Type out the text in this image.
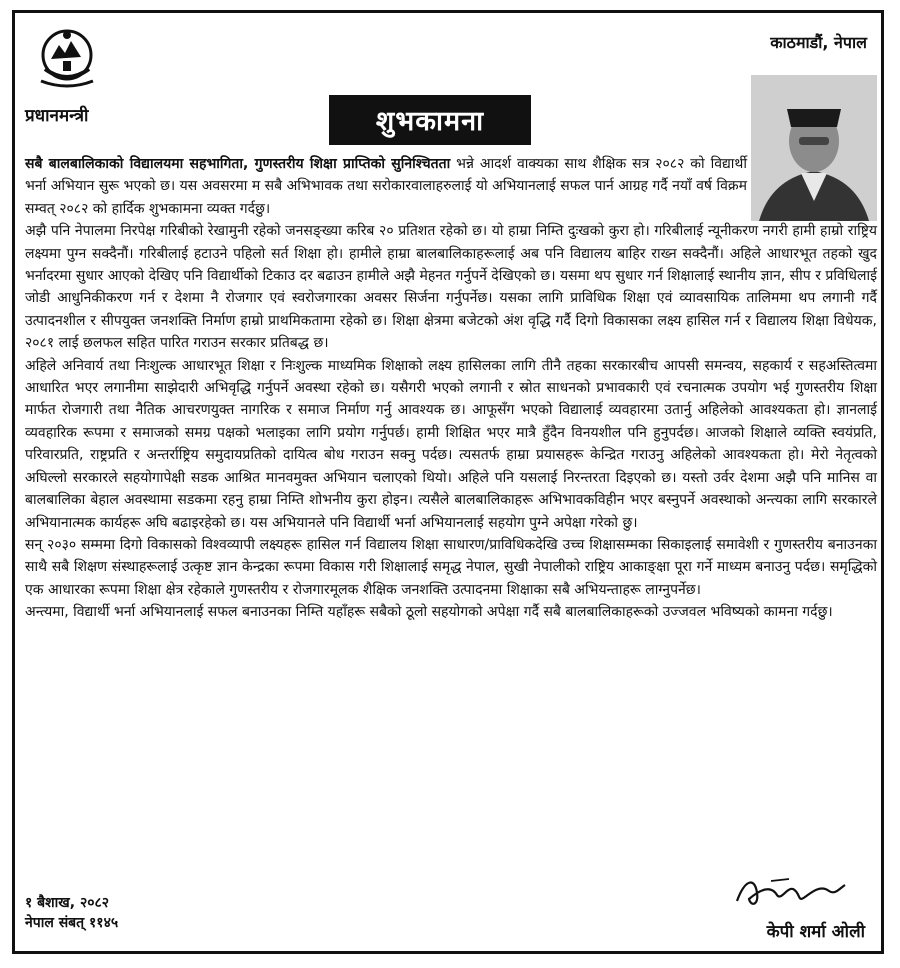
प्रधानमन्त्री
काठमाडौं, नेपाल
शुभकामना

सबै बालबालिकाको विद्यालयमा सहभागिता, गुणस्तरीय शिक्षा प्राप्तिको सुनिश्चितता भन्ने आदर्श वाक्यका साथ शैक्षिक सत्र २०८२ को विद्यार्थी भर्ना अभियान सुरू भएको छ। यस अवसरमा म सबै अभिभावक तथा सरोकारवालाहरुलाई यो अभियानलाई सफल पार्न आग्रह गर्दै नयाँ वर्ष विक्रम सम्वत् २०८२ को हार्दिक शुभकामना व्यक्त गर्दछु।

अझै पनि नेपालमा निरपेक्ष गरिबीको रेखामुनी रहेको जनसङ्ख्या करिब २० प्रतिशत रहेको छ। यो हाम्रा निम्ति दुःखको कुरा हो। गरिबीलाई न्यूनीकरण नगरी हामी हाम्रो राष्ट्रिय लक्ष्यमा पुग्न सक्दैनौं। गरिबीलाई हटाउने पहिलो सर्त शिक्षा हो। हामीले हाम्रा बालबालिकाहरूलाई अब पनि विद्यालय बाहिर राख्न सक्दैनौं। अहिले आधारभूत तहको खुद भर्नादरमा सुधार आएको देखिए पनि विद्यार्थीको टिकाउ दर बढाउन हामीले अझै मेहनत गर्नुपर्ने देखिएको छ। यसमा थप सुधार गर्न शिक्षालाई स्थानीय ज्ञान, सीप र प्रविधिलाई जोडी आधुनिकीकरण गर्न र देशमा नै रोजगार एवं स्वरोजगारका अवसर सिर्जना गर्नुपर्नेछ। यसका लागि प्राविधिक शिक्षा एवं व्यावसायिक तालिममा थप लगानी गर्दै उत्पादनशील र सीपयुक्त जनशक्ति निर्माण हाम्रो प्राथमिकतामा रहेको छ। शिक्षा क्षेत्रमा बजेटको अंश वृद्धि गर्दै दिगो विकासका लक्ष्य हासिल गर्न र विद्यालय शिक्षा विधेयक, २०८१ लाई छलफल सहित पारित गराउन सरकार प्रतिबद्ध छ।

अहिले अनिवार्य तथा निःशुल्क आधारभूत शिक्षा र निःशुल्क माध्यमिक शिक्षाको लक्ष्य हासिलका लागि तीनै तहका सरकारबीच आपसी समन्वय, सहकार्य र सहअस्तित्वमा आधारित भएर लगानीमा साझेदारी अभिवृद्धि गर्नुपर्ने अवस्था रहेको छ। यसैगरी भएको लगानी र स्रोत साधनको प्रभावकारी एवं रचनात्मक उपयोग भई गुणस्तरीय शिक्षा मार्फत रोजगारी तथा नैतिक आचरणयुक्त नागरिक र समाज निर्माण गर्नु आवश्यक छ। आफूसँग भएको विद्यालाई व्यवहारमा उतार्नु अहिलेको आवश्यकता हो। ज्ञानलाई व्यवहारिक रूपमा र समाजको समग्र पक्षको भलाइका लागि प्रयोग गर्नुपर्छ। हामी शिक्षित भएर मात्रै हुँदैन विनयशील पनि हुनुपर्दछ। आजको शिक्षाले व्यक्ति स्वयंप्रति, परिवारप्रति, राष्ट्रप्रति र अन्तर्राष्ट्रिय समुदायप्रतिको दायित्व बोध गराउन सक्नु पर्दछ। त्यसतर्फ हाम्रा प्रयासहरू केन्द्रित गराउनु अहिलेको आवश्यकता हो। मेरो नेतृत्वको अघिल्लो सरकारले सहयोगापेक्षी सडक आश्रित मानवमुक्त अभियान चलाएको थियो। अहिले पनि यसलाई निरन्तरता दिइएको छ। यस्तो उर्वर देशमा अझै पनि मानिस वा बालबालिका बेहाल अवस्थामा सडकमा रहनु हाम्रा निम्ति शोभनीय कुरा होइन। त्यसैले बालबालिकाहरू अभिभावकविहीन भएर बस्नुपर्ने अवस्थाको अन्त्यका लागि सरकारले अभियानात्मक कार्यहरू अघि बढाइरहेको छ। यस अभियानले पनि विद्यार्थी भर्ना अभियानलाई सहयोग पुग्ने अपेक्षा गरेको छु।

सन् २०३० सम्ममा दिगो विकासको विश्वव्यापी लक्ष्यहरू हासिल गर्न विद्यालय शिक्षा साधारण/प्राविधिकदेखि उच्च शिक्षासम्मका सिकाइलाई समावेशी र गुणस्तरीय बनाउनका साथै सबै शिक्षण संस्थाहरूलाई उत्कृष्ट ज्ञान केन्द्रका रूपमा विकास गरी शिक्षालाई समृद्ध नेपाल, सुखी नेपालीको राष्ट्रिय आकाङ्क्षा पूरा गर्ने माध्यम बनाउनु पर्दछ। समृद्धिको एक आधारका रूपमा शिक्षा क्षेत्र रहेकाले गुणस्तरीय र रोजगारमूलक शैक्षिक जनशक्ति उत्पादनमा शिक्षाका सबै अभियन्ताहरू लाग्नुपर्नेछ।

अन्त्यमा, विद्यार्थी भर्ना अभियानलाई सफल बनाउनका निम्ति यहाँहरू सबैको ठूलो सहयोगको अपेक्षा गर्दै सबै बालबालिकाहरूको उज्जवल भविष्यको कामना गर्दछु।

१ बैशाख, २०८२
नेपाल संबत् ११४५	केपी शर्मा ओली
